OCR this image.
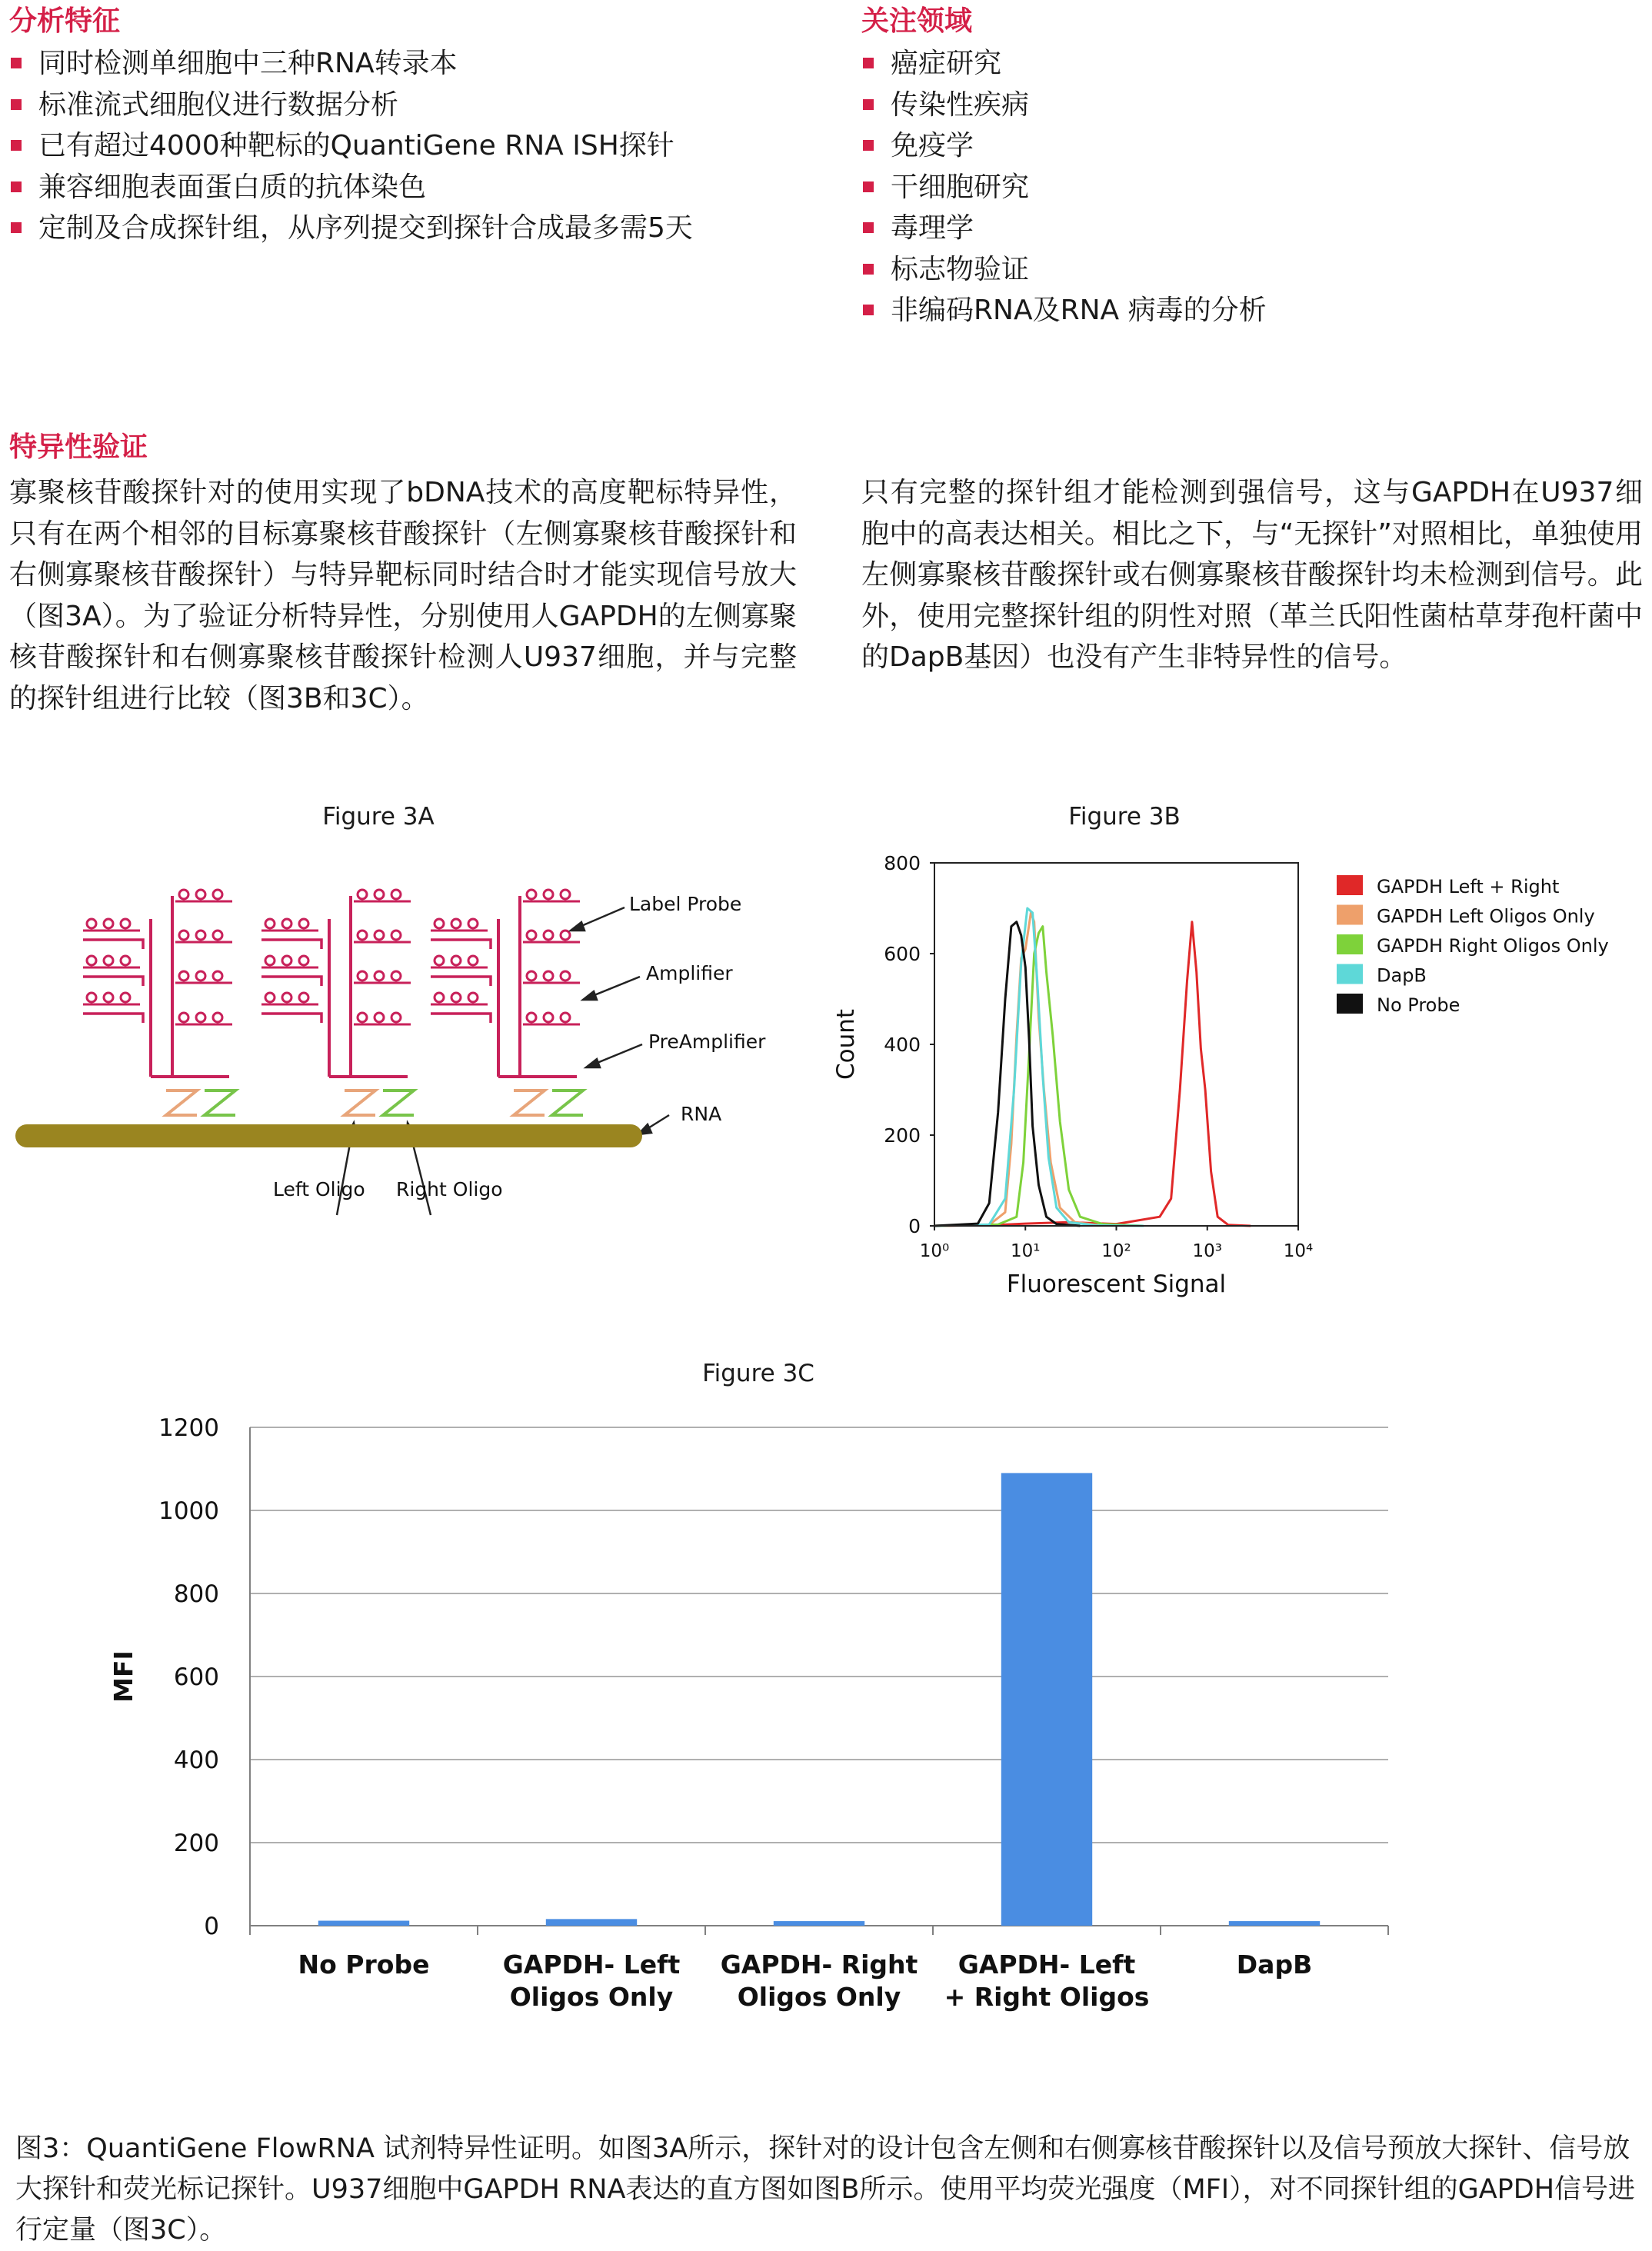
分析特征
同时检测单细胞中三种RNA转录本
标准流式细胞仪进行数据分析
已有超过4000种靶标的QuantiGene RNA ISH探针
兼容细胞表面蛋白质的抗体染色
定制及合成探针组，从序列提交到探针合成最多需5天
关注领域
癌症研究
传染性疾病
免疫学
干细胞研究
毒理学
标志物验证
非编码RNA及RNA 病毒的分析
特异性验证
寡聚核苷酸探针对的使用实现了bDNA技术的高度靶标特异性，只有在两个相邻的目标寡聚核苷酸探针（左侧寡聚核苷酸探针和右侧寡聚核苷酸探针）与特异靶标同时结合时才能实现信号放大（图3A）。为了验证分析特异性，分别使用人GAPDH的左侧寡聚核苷酸探针和右侧寡聚核苷酸探针检测人U937细胞，并与完整的探针组进行比较（图3B和3C）。
只有完整的探针组才能检测到强信号，这与GAPDH在U937细胞中的高表达相关。相比之下，与“无探针”对照相比，单独使用左侧寡聚核苷酸探针或右侧寡聚核苷酸探针均未检测到信号。此外，使用完整探针组的阴性对照（革兰氏阳性菌枯草芽孢杆菌中的DapB基因）也没有产生非特异性的信号。
Figure 3A
Label Probe
Amplifier
PreAmplifier
RNA
Left Oligo Right Oligo
Figure 3B
0
200
400
600
800
10⁰	10¹	10²	10³	10⁴
Fluorescent Signal
Count
GAPDH Left + Right
GAPDH Left Oligos Only
GAPDH Right Oligos Only
DapB
No Probe
Figure 3C
0
200
400
600
800
1000
1200
No Probe	GAPDH- Left
Oligos Only
GAPDH- Right
Oligos Only
GAPDH- Left
+ Right Oligos
DapB
MFI
图3：QuantiGene FlowRNA 试剂特异性证明。如图3A所示，探针对的设计包含左侧和右侧寡核苷酸探针以及信号预放大探针、信号放大探针和荧光标记探针。U937细胞中GAPDH RNA表达的直方图如图B所示。使用平均荧光强度（MFI），对不同探针组的GAPDH信号进行定量（图3C）。
